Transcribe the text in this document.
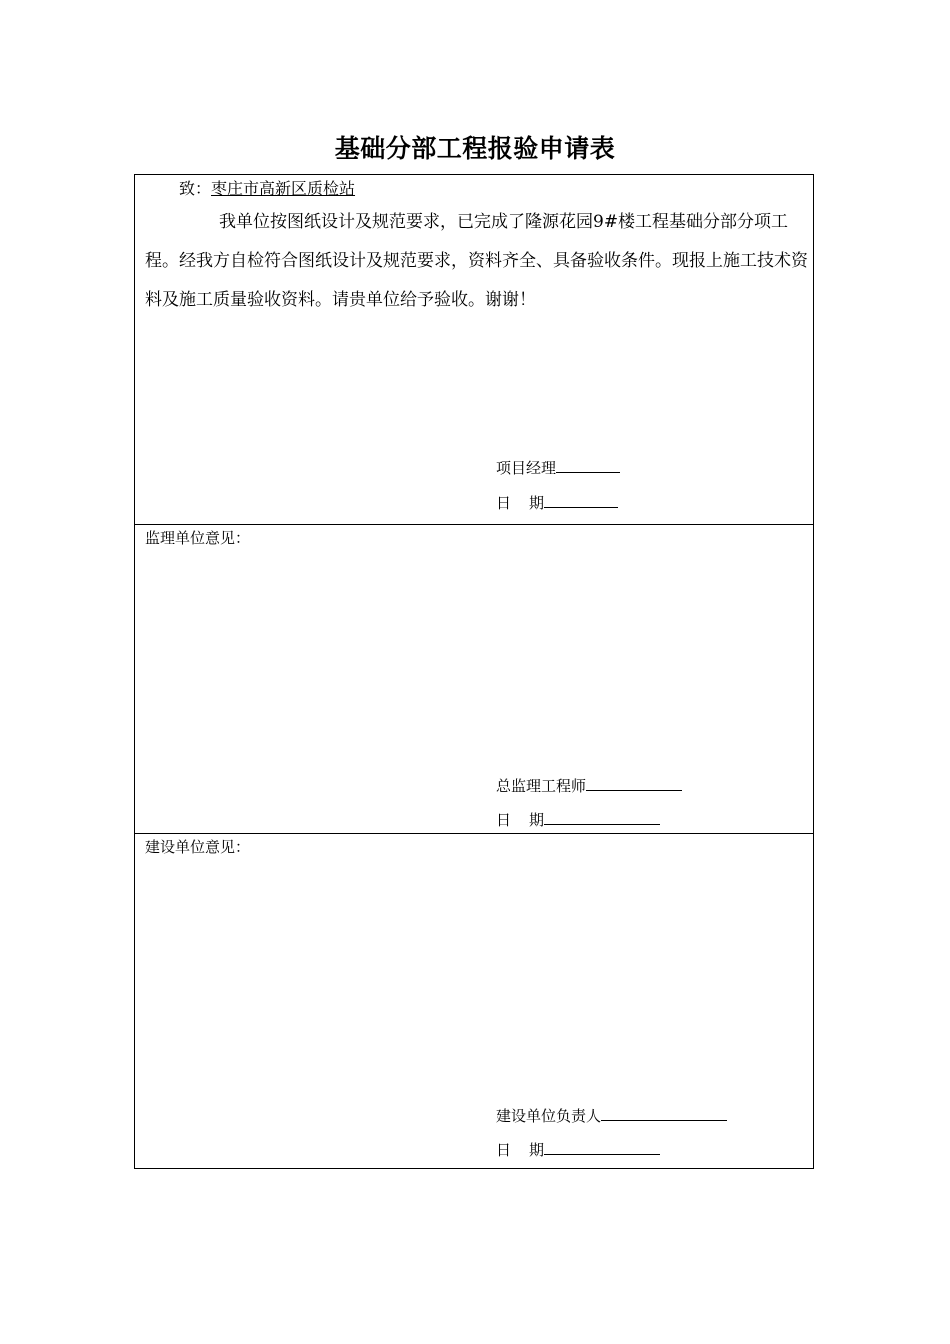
基础分部工程报验申请表
致：枣庄市高新区质检站

我单位按图纸设计及规范要求，已完成了隆源花园9#楼工程基础分部分项工程。经我方自检符合图纸设计及规范要求，资料齐全、具备验收条件。现报上施工技术资料及施工质量验收资料。请贵单位给予验收。谢谢！

项目经理
日 期
监理单位意见：
总监理工程师
日 期
建设单位意见：
建设单位负责人
日 期
